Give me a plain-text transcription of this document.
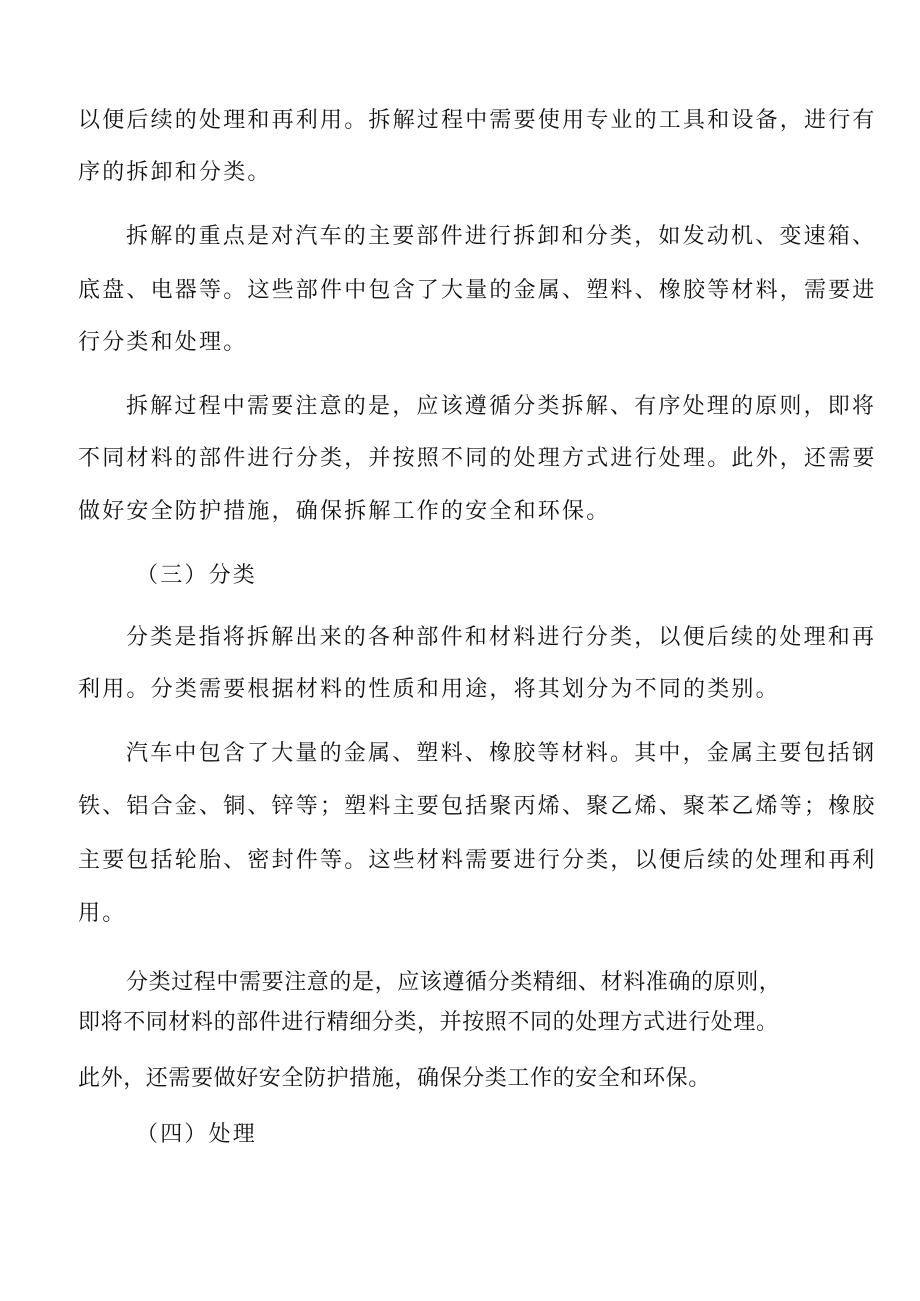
以便后续的处理和再利用。拆解过程中需要使用专业的工具和设备，进行有
序的拆卸和分类。
拆解的重点是对汽车的主要部件进行拆卸和分类，如发动机、变速箱、
底盘、电器等。这些部件中包含了大量的金属、塑料、橡胶等材料，需要进
行分类和处理。
拆解过程中需要注意的是，应该遵循分类拆解、有序处理的原则，即将
不同材料的部件进行分类，并按照不同的处理方式进行处理。此外，还需要
做好安全防护措施，确保拆解工作的安全和环保。
（三）分类
分类是指将拆解出来的各种部件和材料进行分类，以便后续的处理和再
利用。分类需要根据材料的性质和用途，将其划分为不同的类别。
汽车中包含了大量的金属、塑料、橡胶等材料。其中，金属主要包括钢
铁、铝合金、铜、锌等；塑料主要包括聚丙烯、聚乙烯、聚苯乙烯等；橡胶
主要包括轮胎、密封件等。这些材料需要进行分类，以便后续的处理和再利
用。
分类过程中需要注意的是，应该遵循分类精细、材料准确的原则，
即将不同材料的部件进行精细分类，并按照不同的处理方式进行处理。
此外，还需要做好安全防护措施，确保分类工作的安全和环保。
（四）处理
